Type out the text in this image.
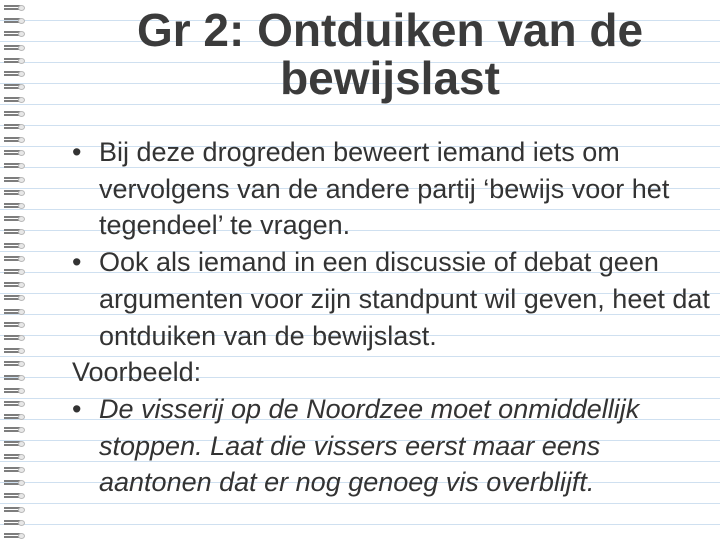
Gr 2: Ontduiken van de
bewijslast
• Bij deze drogreden beweert iemand iets om vervolgens van de andere partij ‘bewijs voor het tegendeel’ te vragen.
• Ook als iemand in een discussie of debat geen argumenten voor zijn standpunt wil geven, heet dat ontduiken van de bewijslast.
Voorbeeld:
• De visserij op de Noordzee moet onmiddellijk stoppen. Laat die vissers eerst maar eens aantonen dat er nog genoeg vis overblijft.
